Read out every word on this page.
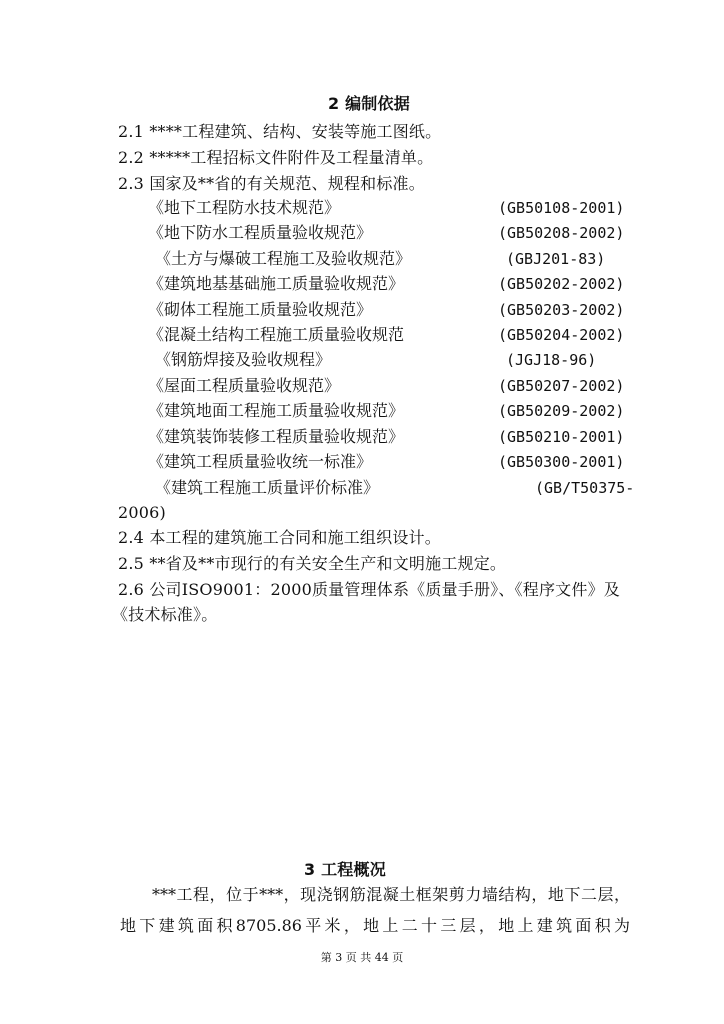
2 编制依据
2.1 ****工程建筑、结构、安装等施工图纸。
2.2 *****工程招标文件附件及工程量清单。
2.3 国家及**省的有关规范、规程和标准。
《地下工程防水技术规范》	(GB50108-2001)
《地下防水工程质量验收规范》	(GB50208-2002)
《土方与爆破工程施工及验收规范》	(GBJ201-83)
《建筑地基基础施工质量验收规范》	(GB50202-2002)
《砌体工程施工质量验收规范》	(GB50203-2002)
《混凝土结构工程施工质量验收规范	(GB50204-2002)
《钢筋焊接及验收规程》	(JGJ18-96)
《屋面工程质量验收规范》	(GB50207-2002)
《建筑地面工程施工质量验收规范》	(GB50209-2002)
《建筑装饰装修工程质量验收规范》	(GB50210-2001)
《建筑工程质量验收统一标准》	(GB50300-2001)
《建筑工程施工质量评价标准》	(GB/T50375-
2006)
2.4 本工程的建筑施工合同和施工组织设计。
2.5 **省及**市现行的有关安全生产和文明施工规定。
2.6 公司ISO9001：2000质量管理体系《质量手册》、《程序文件》及
《技术标准》。
3 工程概况

***工程，位于***，现浇钢筋混凝土框架剪力墙结构，地下二层，

地下建筑面积8705.86平米，地上二十三层，地上建筑面积为

第 3 页 共 44 页
